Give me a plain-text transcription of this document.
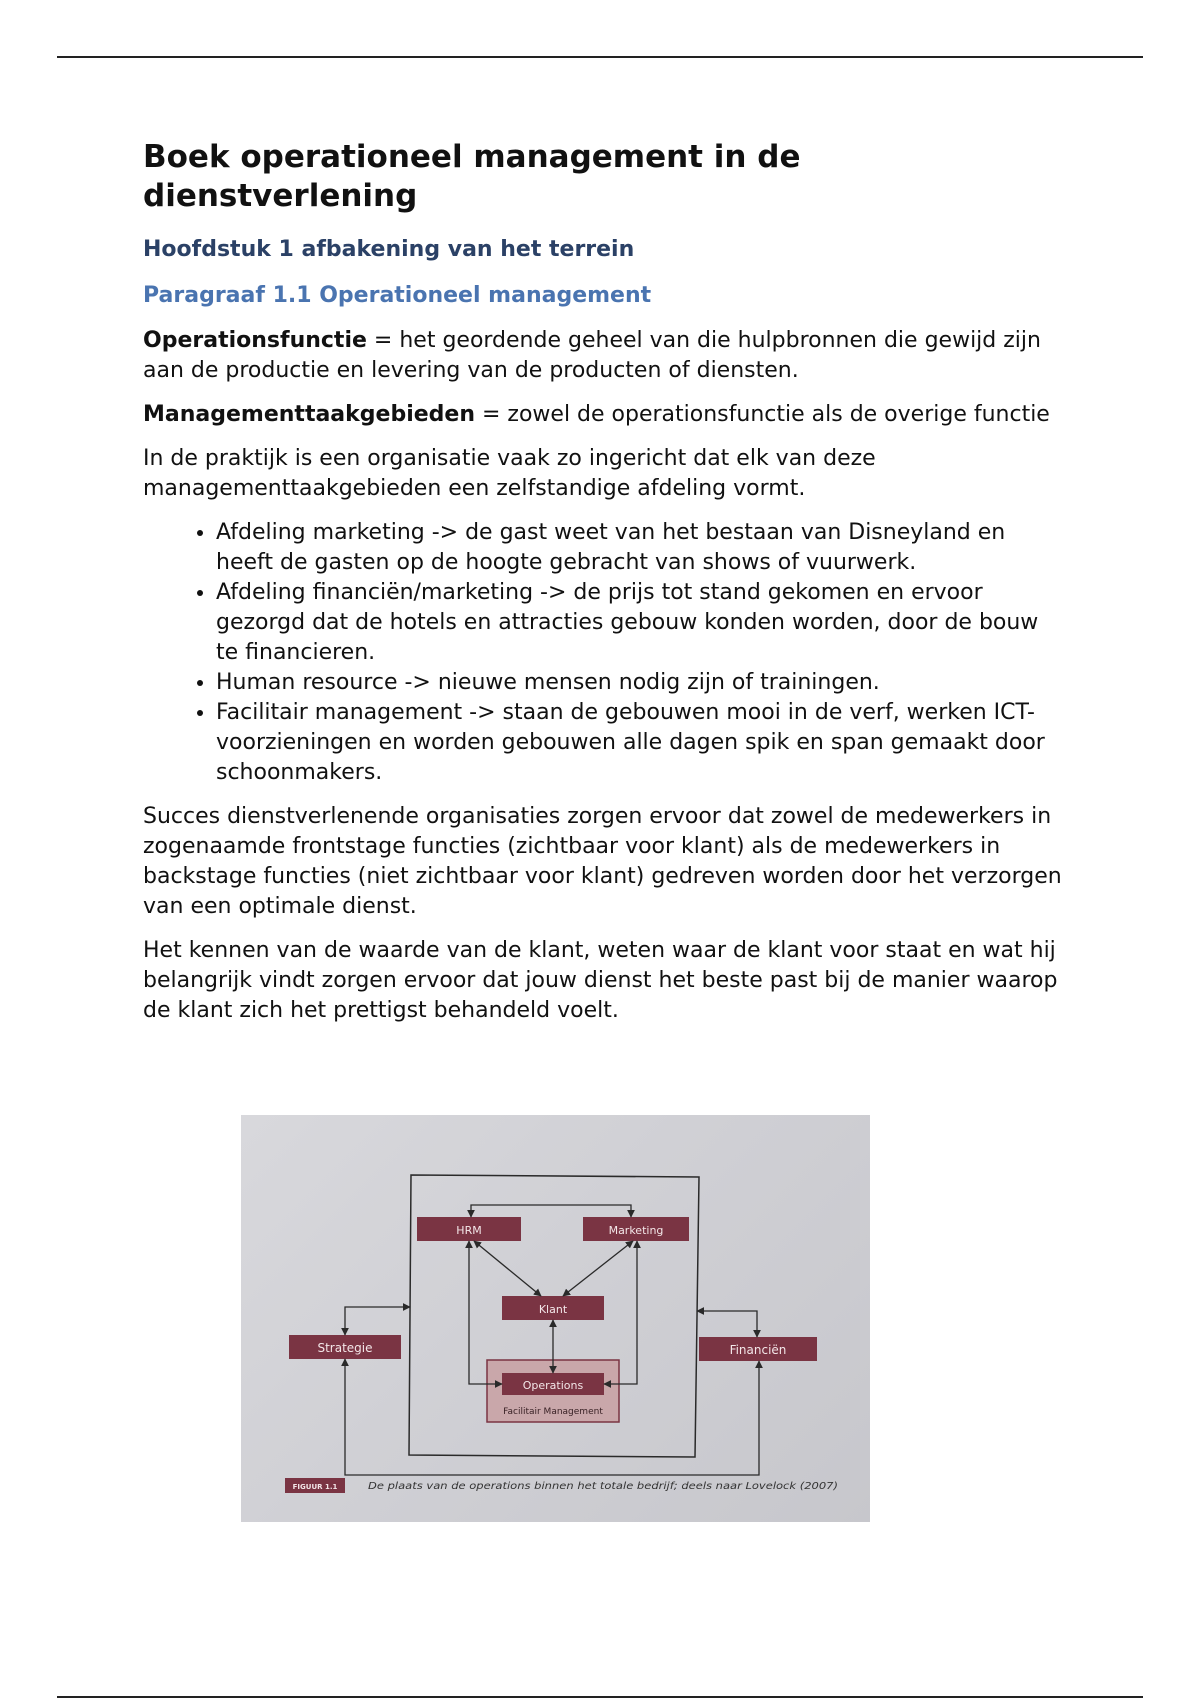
Boek operationeel management in de dienstverlening
Hoofdstuk 1 afbakening van het terrein
Paragraaf 1.1 Operationeel management

Operationsfunctie = het geordende geheel van die hulpbronnen die gewijd zijn aan de productie en levering van de producten of diensten.

Managementtaakgebieden = zowel de operationsfunctie als de overige functie

In de praktijk is een organisatie vaak zo ingericht dat elk van deze managementtaakgebieden een zelfstandige afdeling vormt.

• Afdeling marketing -> de gast weet van het bestaan van Disneyland en heeft de gasten op de hoogte gebracht van shows of vuurwerk.
• Afdeling financiën/marketing -> de prijs tot stand gekomen en ervoor gezorgd dat de hotels en attracties gebouw konden worden, door de bouw te financieren.
• Human resource -> nieuwe mensen nodig zijn of trainingen.
• Facilitair management -> staan de gebouwen mooi in de verf, werken ICT-voorzieningen en worden gebouwen alle dagen spik en span gemaakt door schoonmakers.

Succes dienstverlenende organisaties zorgen ervoor dat zowel de medewerkers in zogenaamde frontstage functies (zichtbaar voor klant) als de medewerkers in backstage functies (niet zichtbaar voor klant) gedreven worden door het verzorgen van een optimale dienst.

Het kennen van de waarde van de klant, weten waar de klant voor staat en wat hij belangrijk vindt zorgen ervoor dat jouw dienst het beste past bij de manier waarop de klant zich het prettigst behandeld voelt.

HRM	Marketing
Klant
Strategie	Financiën
Operations
Facilitair Management
FIGUUR 1.1	De plaats van de operations binnen het totale bedrijf; deels naar Lovelock (2007)
